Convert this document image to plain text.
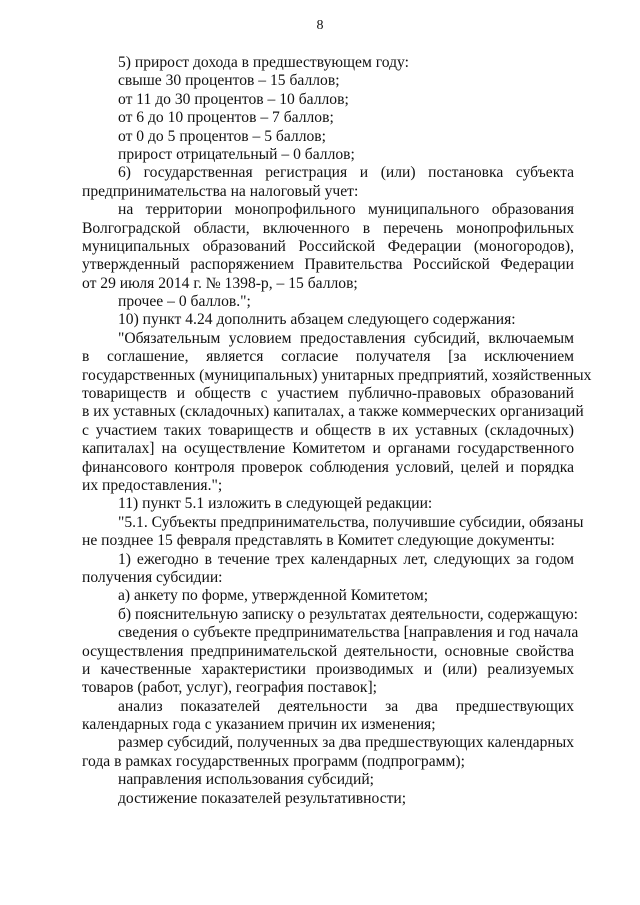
8
5) прирост дохода в предшествующем году:
свыше 30 процентов – 15 баллов;
от 11 до 30 процентов – 10 баллов;
от 6 до 10 процентов – 7 баллов;
от 0 до 5 процентов – 5 баллов;
прирост отрицательный – 0 баллов;
6) государственная регистрация и (или) постановка субъекта
предпринимательства на налоговый учет:
на территории монопрофильного муниципального образования
Волгоградской области, включенного в перечень монопрофильных
муниципальных образований Российской Федерации (моногородов),
утвержденный распоряжением Правительства Российской Федерации
от 29 июля 2014 г. № 1398-р, – 15 баллов;
прочее – 0 баллов.";
10) пункт 4.24 дополнить абзацем следующего содержания:
"Обязательным условием предоставления субсидий, включаемым
в соглашение, является согласие получателя [за исключением
государственных (муниципальных) унитарных предприятий, хозяйственных
товариществ и обществ с участием публично-правовых образований
в их уставных (складочных) капиталах, а также коммерческих организаций
с участием таких товариществ и обществ в их уставных (складочных)
капиталах] на осуществление Комитетом и органами государственного
финансового контроля проверок соблюдения условий, целей и порядка
их предоставления.";
11) пункт 5.1 изложить в следующей редакции:
"5.1. Субъекты предпринимательства, получившие субсидии, обязаны
не позднее 15 февраля представлять в Комитет следующие документы:
1) ежегодно в течение трех календарных лет, следующих за годом
получения субсидии:
а) анкету по форме, утвержденной Комитетом;
б) пояснительную записку о результатах деятельности, содержащую:
сведения о субъекте предпринимательства [направления и год начала
осуществления предпринимательской деятельности, основные свойства
и качественные характеристики производимых и (или) реализуемых
товаров (работ, услуг), география поставок];
анализ показателей деятельности за два предшествующих
календарных года с указанием причин их изменения;
размер субсидий, полученных за два предшествующих календарных
года в рамках государственных программ (подпрограмм);
направления использования субсидий;
достижение показателей результативности;
